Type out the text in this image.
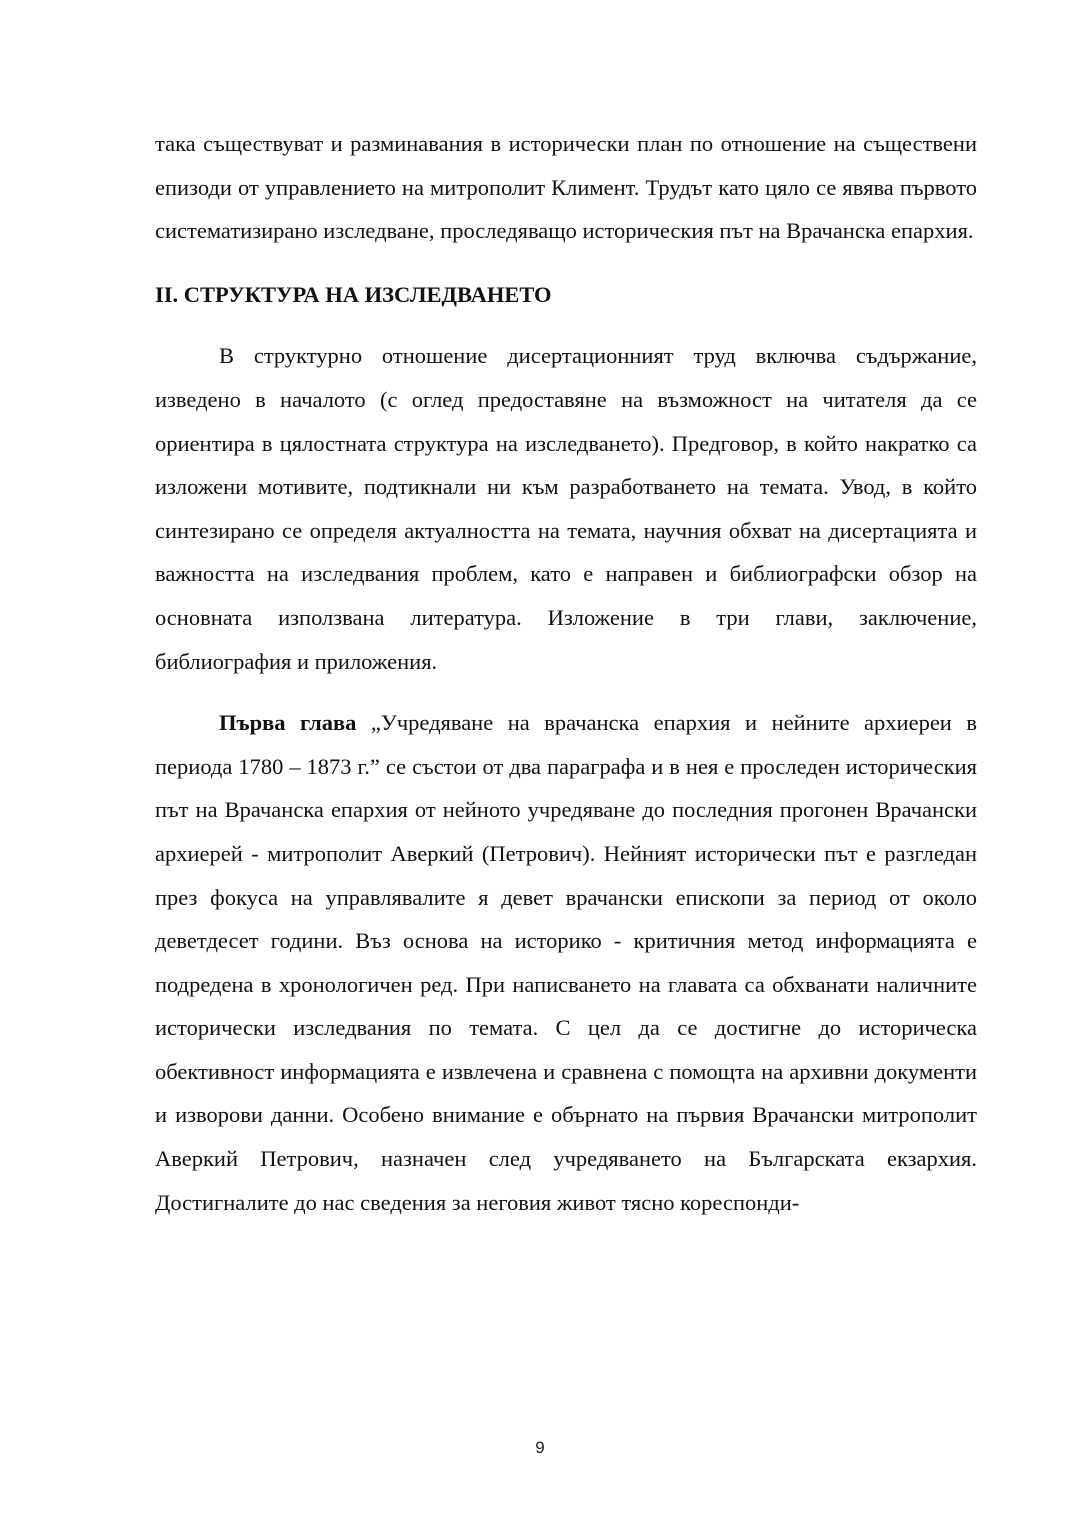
така съществуват и разминавания в исторически план по отношение на съществени епизоди от управлението на митрополит Климент. Трудът като цяло се явява първото систематизирано изследване, проследяващо историческия път на Врачанска епархия.

II. СТРУКТУРА НА ИЗСЛЕДВАНЕТО

В структурно отношение дисертационният труд включва съдържание, изведено в началото (с оглед предоставяне на възможност на читателя да се ориентира в цялостната структура на изследването). Предговор, в който накратко са изложени мотивите, подтикнали ни към разработването на темата. Увод, в който синтезирано се определя актуалността на темата, научния обхват на дисертацията и важността на изследвания проблем, като е направен и библиографски обзор на основната използвана литература. Изложение в три глави, заключение, библиография и приложения.

Първа глава „Учредяване на врачанска епархия и нейните архиереи в периода 1780 – 1873 г.” се състои от два параграфа и в нея е проследен историческия път на Врачанска епархия от нейното учредяване до последния прогонен Врачански архиерей - митрополит Аверкий (Петрович). Нейният исторически път е разгледан през фокуса на управлявалите я девет врачански епископи за период от около деветдесет години. Въз основа на историко - критичния метод информацията е подредена в хронологичен ред. При написването на главата са обхванати наличните исторически изследвания по темата. С цел да се достигне до историческа обективност информацията е извлечена и сравнена с помощта на архивни документи и изворови данни. Особено внимание е обърнато на първия Врачански митрополит Аверкий Петрович, назначен след учредяването на Българската екзархия. Достигналите до нас сведения за неговия живот тясно кореспонди-

9
